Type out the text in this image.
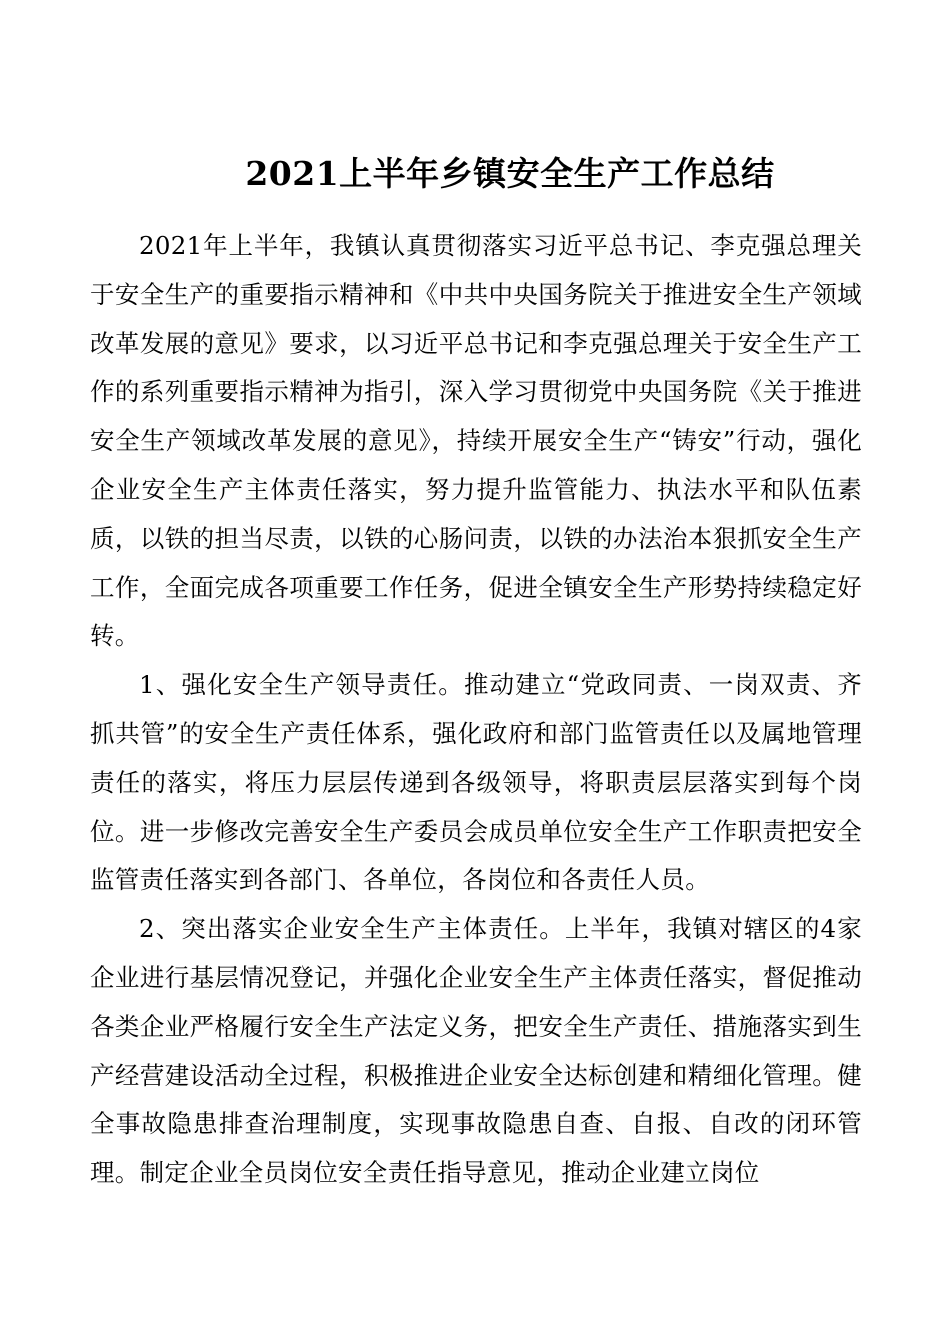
2021上半年乡镇安全生产工作总结

2021年上半年，我镇认真贯彻落实习近平总书记、李克强总理关于安全生产的重要指示精神和《中共中央国务院关于推进安全生产领域改革发展的意见》要求，以习近平总书记和李克强总理关于安全生产工作的系列重要指示精神为指引，深入学习贯彻党中央国务院《关于推进安全生产领域改革发展的意见》，持续开展安全生产“铸安”行动，强化企业安全生产主体责任落实，努力提升监管能力、执法水平和队伍素质，以铁的担当尽责，以铁的心肠问责，以铁的办法治本狠抓安全生产工作，全面完成各项重要工作任务，促进全镇安全生产形势持续稳定好转。

1、强化安全生产领导责任。推动建立“党政同责、一岗双责、齐抓共管”的安全生产责任体系，强化政府和部门监管责任以及属地管理责任的落实，将压力层层传递到各级领导，将职责层层落实到每个岗位。进一步修改完善安全生产委员会成员单位安全生产工作职责把安全监管责任落实到各部门、各单位，各岗位和各责任人员。

2、突出落实企业安全生产主体责任。上半年，我镇对辖区的4家企业进行基层情况登记，并强化企业安全生产主体责任落实，督促推动各类企业严格履行安全生产法定义务，把安全生产责任、措施落实到生产经营建设活动全过程，积极推进企业安全达标创建和精细化管理。健全事故隐患排查治理制度，实现事故隐患自查、自报、自改的闭环管理。制定企业全员岗位安全责任指导意见，推动企业建立岗位
